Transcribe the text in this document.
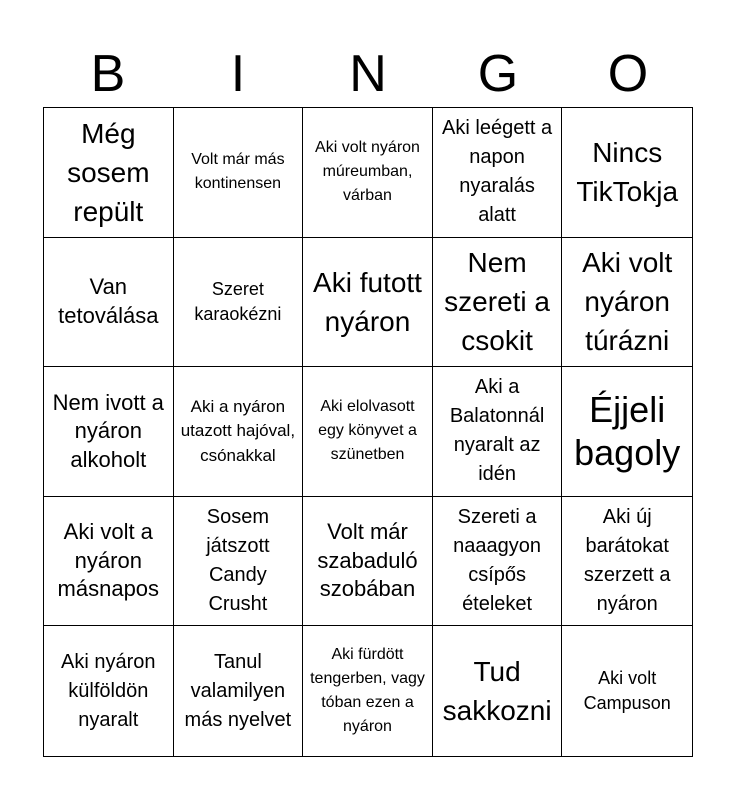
B	I	N	G	O
Még sosem repült
Volt már más kontinensen
Aki volt nyáron múreumban, várban
Aki leégett a napon nyaralás alatt
Nincs TikTokja
Van tetoválása
Szeret karaokézni
Aki futott nyáron
Nem szereti a csokit
Aki volt nyáron túrázni
Nem ivott a nyáron alkoholt
Aki a nyáron utazott hajóval, csónakkal
Aki elolvasott egy könyvet a szünetben
Aki a Balatonnál nyaralt az idén
Éjjeli bagoly
Aki volt a nyáron másnapos
Sosem játszott Candy Crusht
Volt már szabaduló szobában
Szereti a naaagyon csípős ételeket
Aki új barátokat szerzett a nyáron
Aki nyáron külföldön nyaralt
Tanul valamilyen más nyelvet
Aki fürdött tengerben, vagy tóban ezen a nyáron
Tud sakkozni
Aki volt Campuson
